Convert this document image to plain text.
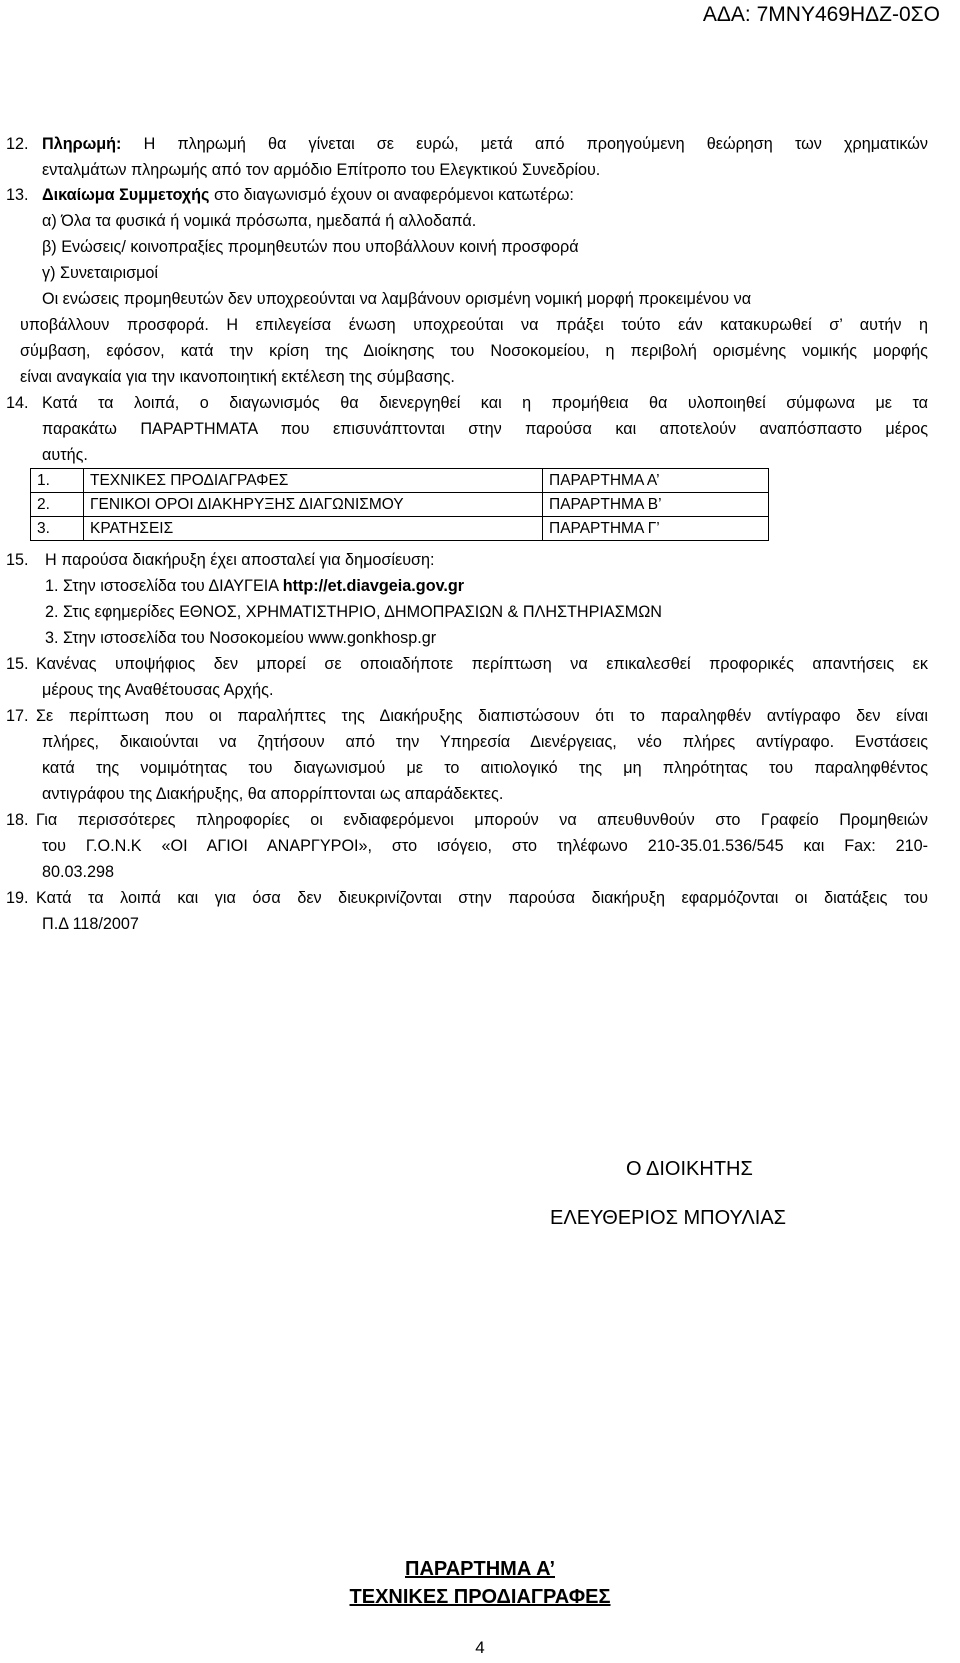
ΑΔΑ: 7ΜΝΥ469ΗΔΖ-0ΣΟ
12. Πληρωμή: Η πληρωμή θα γίνεται σε ευρώ, μετά από προηγούμενη θεώρηση των χρηματικών
ενταλμάτων πληρωμής από τον αρμόδιο Επίτροπο του Ελεγκτικού Συνεδρίου.
13. Δικαίωμα Συμμετοχής στο διαγωνισμό έχουν οι αναφερόμενοι κατωτέρω:
α) Όλα τα φυσικά ή νομικά πρόσωπα, ημεδαπά ή αλλοδαπά.
β) Ενώσεις/ κοινοπραξίες προμηθευτών που υποβάλλουν κοινή προσφορά
γ) Συνεταιρισμοί
Οι ενώσεις προμηθευτών δεν υποχρεούνται να λαμβάνουν ορισμένη νομική μορφή προκειμένου να
υποβάλλουν προσφορά. Η επιλεγείσα ένωση υποχρεούται να πράξει τούτο εάν κατακυρωθεί σ’ αυτήν η
σύμβαση, εφόσον, κατά την κρίση της Διοίκησης του Νοσοκομείου, η περιβολή ορισμένης νομικής μορφής
είναι αναγκαία για την ικανοποιητική εκτέλεση της σύμβασης.
14. Κατά τα λοιπά, ο διαγωνισμός θα διενεργηθεί και η προμήθεια θα υλοποιηθεί σύμφωνα με τα
παρακάτω ΠΑΡΑΡΤΗΜΑΤΑ που επισυνάπτονται στην παρούσα και αποτελούν αναπόσπαστο μέρος
αυτής.
1.	ΤΕΧΝΙΚΕΣ ΠΡΟΔΙΑΓΡΑΦΕΣ	ΠΑΡΑΡΤΗΜΑ Α’
2.	ΓΕΝΙΚΟΙ ΟΡΟΙ ΔΙΑΚΗΡΥΞΗΣ ΔΙΑΓΩΝΙΣΜΟΥ	ΠΑΡΑΡΤΗΜΑ Β’
3.	ΚΡΑΤΗΣΕΙΣ	ΠΑΡΑΡΤΗΜΑ Γ’
15. Η παρούσα διακήρυξη έχει αποσταλεί για δημοσίευση:
1. Στην ιστοσελίδα του ΔΙΑΥΓΕΙΑ http://et.diavgeia.gov.gr
2. Στις εφημερίδες ΕΘΝΟΣ, ΧΡΗΜΑΤΙΣΤΗΡΙΟ, ΔΗΜΟΠΡΑΣΙΩΝ & ΠΛΗΣΤΗΡΙΑΣΜΩΝ
3. Στην ιστοσελίδα του Νοσοκομείου www.gonkhosp.gr
15. Κανένας υποψήφιος δεν μπορεί σε οποιαδήποτε περίπτωση να επικαλεσθεί προφορικές απαντήσεις εκ
μέρους της Αναθέτουσας Αρχής.
17. Σε περίπτωση που οι παραλήπτες της Διακήρυξης διαπιστώσουν ότι το παραληφθέν αντίγραφο δεν είναι
πλήρες, δικαιούνται να ζητήσουν από την Υπηρεσία Διενέργειας, νέο πλήρες αντίγραφο. Ενστάσεις
κατά της νομιμότητας του διαγωνισμού με το αιτιολογικό της μη πληρότητας του παραληφθέντος
αντιγράφου της Διακήρυξης, θα απορρίπτονται ως απαράδεκτες.
18. Για περισσότερες πληροφορίες οι ενδιαφερόμενοι μπορούν να απευθυνθούν στο Γραφείο Προμηθειών
του Γ.Ο.Ν.Κ «ΟΙ ΑΓΙΟΙ ΑΝΑΡΓΥΡΟΙ», στο ισόγειο, στο τηλέφωνο 210-35.01.536/545 και Fax: 210-
80.03.298
19. Κατά τα λοιπά και για όσα δεν διευκρινίζονται στην παρούσα διακήρυξη εφαρμόζονται οι διατάξεις του
Π.Δ 118/2007
Ο ΔΙΟΙΚΗΤΗΣ
ΕΛΕΥΘΕΡΙΟΣ ΜΠΟΥΛΙΑΣ
ΠΑΡΑΡΤΗΜΑ Α’
ΤΕΧΝΙΚΕΣ ΠΡΟΔΙΑΓΡΑΦΕΣ
4
